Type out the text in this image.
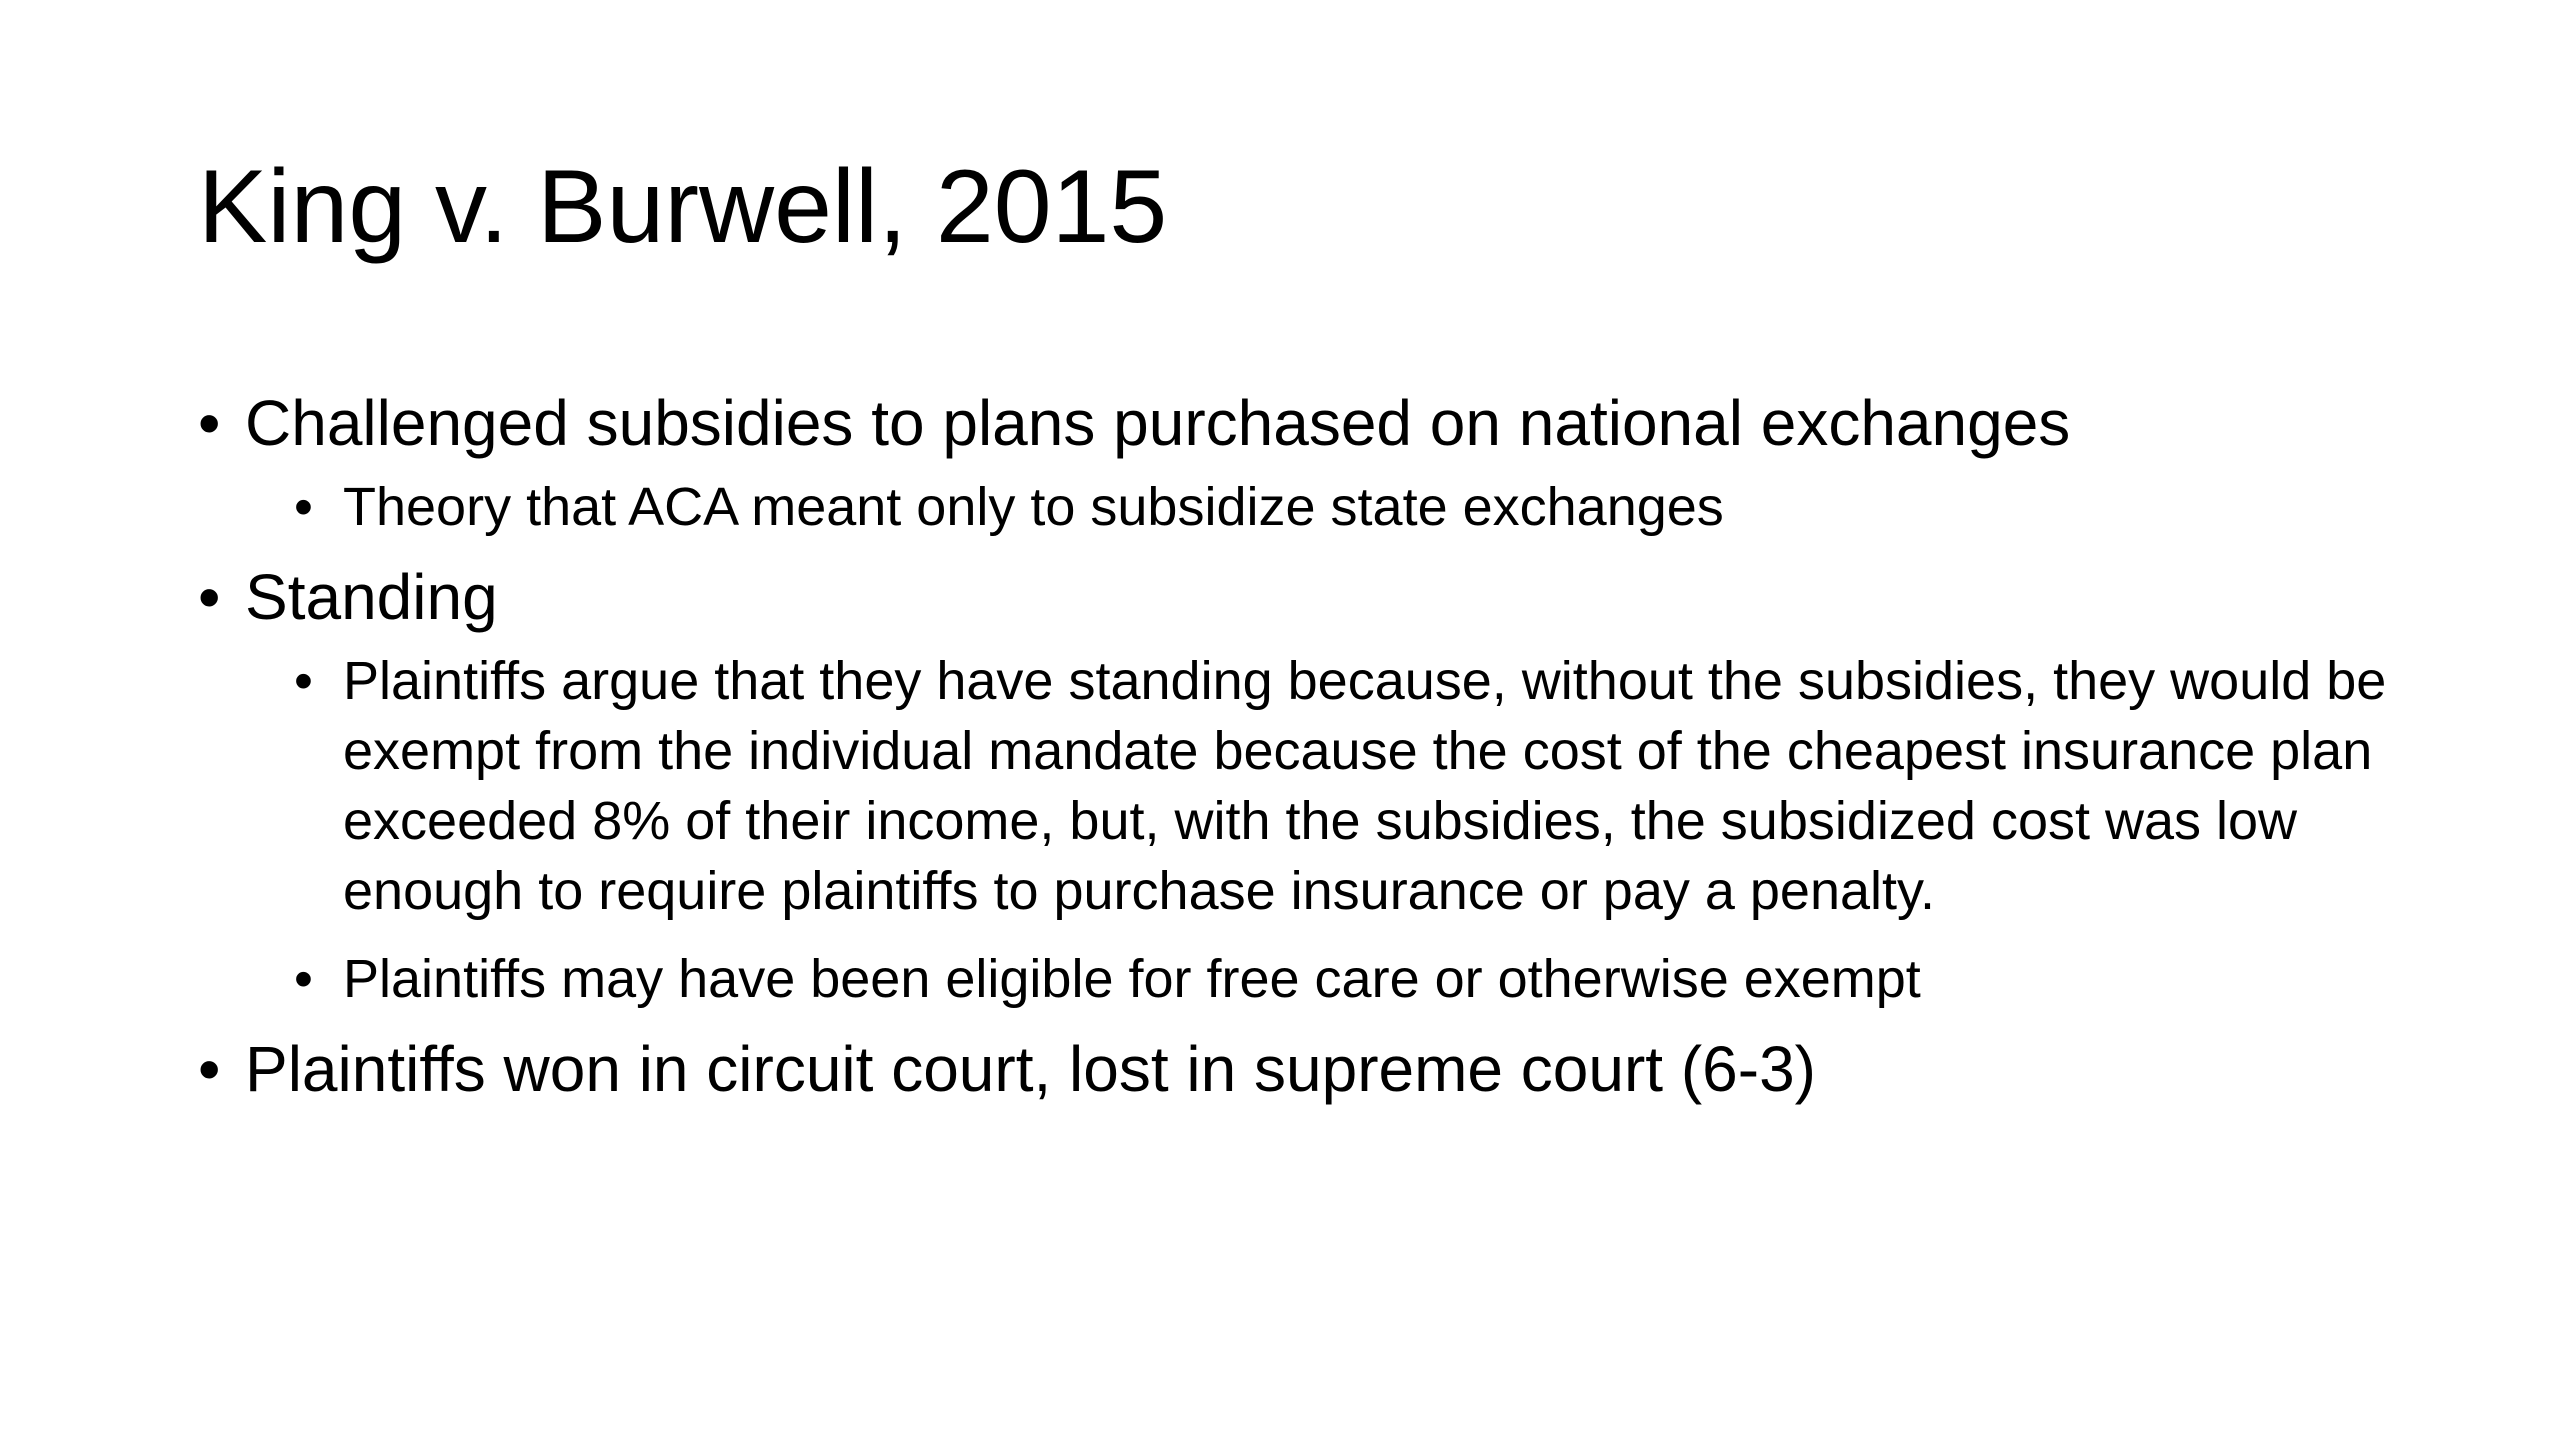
King v. Burwell, 2015
• Challenged subsidies to plans purchased on national exchanges
• Theory that ACA meant only to subsidize state exchanges
• Standing
• Plaintiffs argue that they have standing because, without the subsidies, they would be exempt from the individual mandate because the cost of the cheapest insurance plan exceeded 8% of their income, but, with the subsidies, the subsidized cost was low enough to require plaintiffs to purchase insurance or pay a penalty.
• Plaintiffs may have been eligible for free care or otherwise exempt
• Plaintiffs won in circuit court, lost in supreme court (6-3)
